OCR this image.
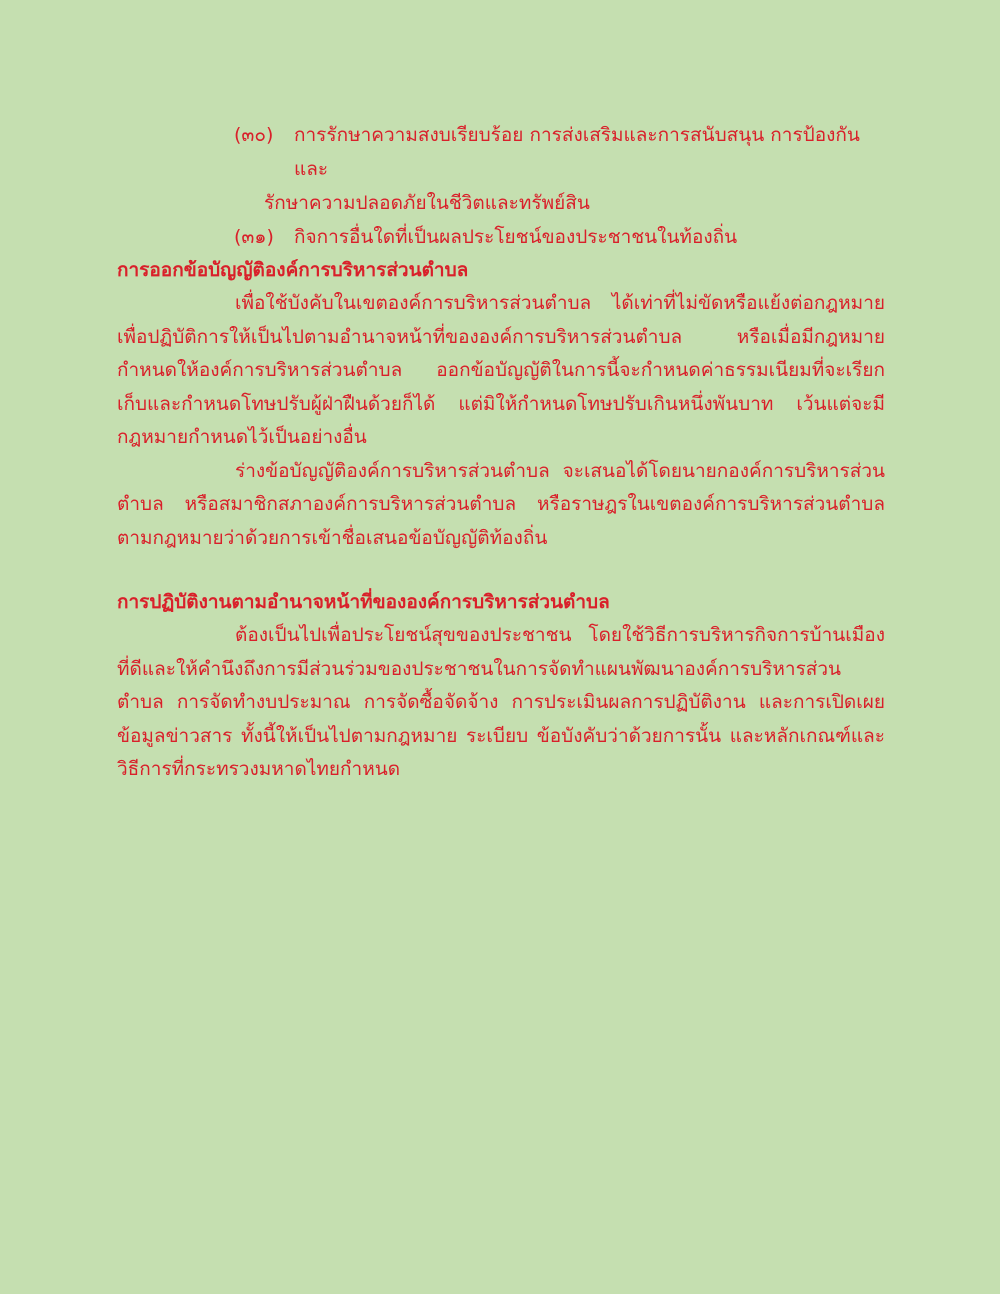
(๓๐)	การรักษาความสงบเรียบร้อย การส่งเสริมและการสนับสนุน การป้องกันและ
รักษาความปลอดภัยในชีวิตและทรัพย์สิน
(๓๑)	กิจการอื่นใดที่เป็นผลประโยชน์ของประชาชนในท้องถิ่น
การออกข้อบัญญัติองค์การบริหารส่วนตำบล

เพื่อใช้บังคับในเขตองค์การบริหารส่วนตำบล ได้เท่าที่ไม่ขัดหรือแย้งต่อกฎหมายเพื่อปฏิบัติการให้เป็นไปตามอำนาจหน้าที่ขององค์การบริหารส่วนตำบล หรือเมื่อมีกฎหมายกำหนดให้องค์การบริหารส่วนตำบล ออกข้อบัญญัติในการนี้จะกำหนดค่าธรรมเนียมที่จะเรียกเก็บและกำหนดโทษปรับผู้ฝ่าฝืนด้วยก็ได้ แต่มิให้กำหนดโทษปรับเกินหนึ่งพันบาท เว้นแต่จะมีกฎหมายกำหนดไว้เป็นอย่างอื่น

ร่างข้อบัญญัติองค์การบริหารส่วนตำบล จะเสนอได้โดยนายกองค์การบริหารส่วนตำบล หรือสมาชิกสภาองค์การบริหารส่วนตำบล หรือราษฎรในเขตองค์การบริหารส่วนตำบลตามกฎหมายว่าด้วยการเข้าชื่อเสนอข้อบัญญัติท้องถิ่น

การปฏิบัติงานตามอำนาจหน้าที่ขององค์การบริหารส่วนตำบล

ต้องเป็นไปเพื่อประโยชน์สุขของประชาชน โดยใช้วิธีการบริหารกิจการบ้านเมืองที่ดีและให้คำนึงถึงการมีส่วนร่วมของประชาชนในการจัดทำแผนพัฒนาองค์การบริหารส่วนตำบล การจัดทำงบประมาณ การจัดซื้อจัดจ้าง การประเมินผลการปฏิบัติงาน และการเปิดเผยข้อมูลข่าวสาร ทั้งนี้ให้เป็นไปตามกฎหมาย ระเบียบ ข้อบังคับว่าด้วยการนั้น และหลักเกณฑ์และวิธีการที่กระทรวงมหาดไทยกำหนด
